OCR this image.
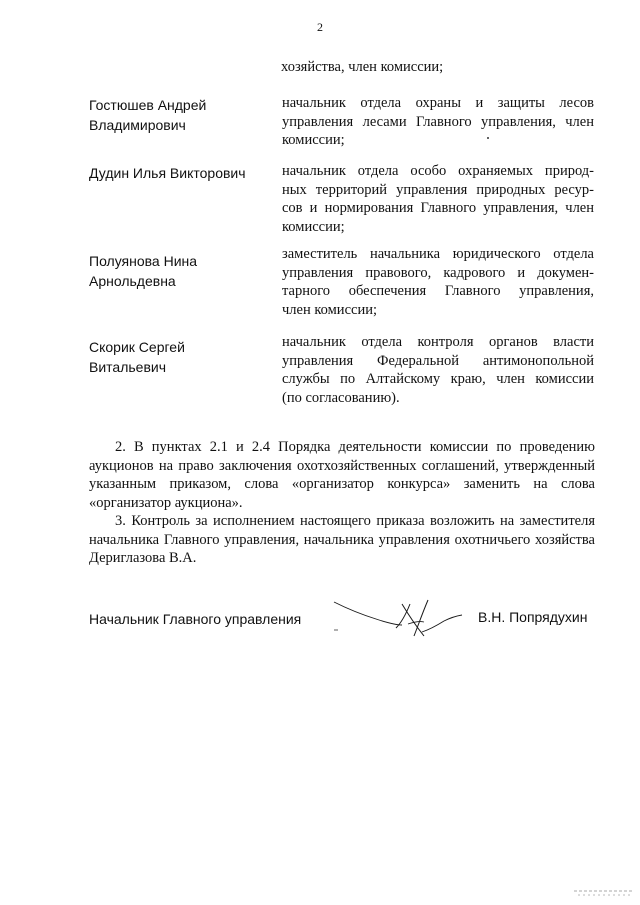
2
хозяйства, член комиссии;
Гостюшев Андрей
Владимирович
начальник отдела охраны и защиты лесов
управления лесами Главного управления, член
комиссии;
Дудин Илья Викторович	начальник отдела особо охраняемых природ-
ных территорий управления природных ресур-
сов и нормирования Главного управления, член
комиссии;
Полуянова Нина
Арнольдевна
заместитель начальника юридического отдела
управления правового, кадрового и докумен-
тарного обеспечения Главного управления,
член комиссии;
Скорик Сергей
Витальевич
начальник отдела контроля органов власти
управления Федеральной антимонопольной
службы по Алтайскому краю, член комиссии
(по согласованию).

2. В пунктах 2.1 и 2.4 Порядка деятельности комиссии по проведению аукционов на право заключения охотхозяйственных соглашений, утвержденный указанным приказом, слова «организатор конкурса» заменить на слова «организатор аукциона».

3. Контроль за исполнением настоящего приказа возложить на заместителя начальника Главного управления, начальника управления охотничьего хозяйства Дериглазова В.А.

Начальник Главного управления	В.Н. Попрядухин
